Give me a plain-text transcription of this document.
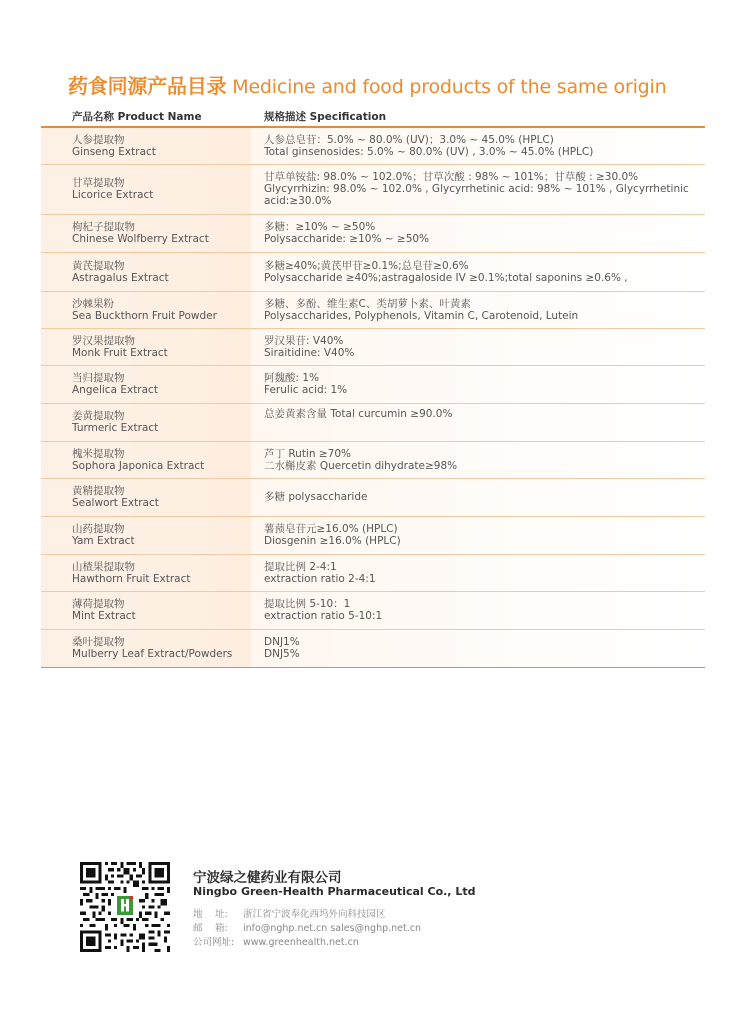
药食同源产品目录 Medicine and food products of the same origin
产品名称 Product Name	规格描述 Specification
人参提取物
Ginseng Extract
人参总皂苷：5.0% ~ 80.0% (UV)；3.0% ~ 45.0% (HPLC)
Total ginsenosides: 5.0% ~ 80.0% (UV) , 3.0% ~ 45.0% (HPLC)
甘草提取物
Licorice Extract
甘草单铵盐: 98.0% ~ 102.0%；甘草次酸 : 98% ~ 101%；甘草酸 : ≥30.0%
Glycyrrhizin: 98.0% ~ 102.0% , Glycyrrhetinic acid: 98% ~ 101% , Glycyrrhetinic acid:≥30.0%
枸杞子提取物
Chinese Wolfberry Extract
多糖：≥10% ~ ≥50%
Polysaccharide: ≥10% ~ ≥50%
黄芪提取物
Astragalus Extract
多糖≥40%;黄芪甲苷≥0.1%;总皂苷≥0.6%
Polysaccharide ≥40%;astragaloside IV ≥0.1%;total saponins ≥0.6% ,
沙棘果粉
Sea Buckthorn Fruit Powder
多糖、多酚、维生素C、类胡萝卜素、叶黄素
Polysaccharides, Polyphenols, Vitamin C, Carotenoid, Lutein
罗汉果提取物
Monk Fruit Extract
罗汉果苷: V40%
Siraitidine: V40%
当归提取物
Angelica Extract
阿魏酸: 1%
Ferulic acid: 1%
姜黄提取物
Turmeric Extract
总姜黄素含量 Total curcumin ≥90.0%
槐米提取物
Sophora Japonica Extract
芦丁 Rutin ≥70%
二水槲皮素 Quercetin dihydrate≥98%
黄精提取物
Sealwort Extract	多糖 polysaccharide
山药提取物
Yam Extract
薯蓣皂苷元≥16.0% (HPLC)
Diosgenin ≥16.0% (HPLC)
山楂果提取物
Hawthorn Fruit Extract
提取比例 2-4:1
extraction ratio 2-4:1
薄荷提取物
Mint Extract
提取比例 5-10：1
extraction ratio 5-10:1
桑叶提取物
Mulberry Leaf Extract/Powders
DNJ1%
DNJ5%
宁波绿之健药业有限公司
Ningbo Green-Health Pharmaceutical Co., Ltd
地　 址: 浙江省宁波奉化西坞外向科技园区
邮　 箱: info@nghp.net.cn sales@nghp.net.cn
公司网址: www.greenhealth.net.cn
